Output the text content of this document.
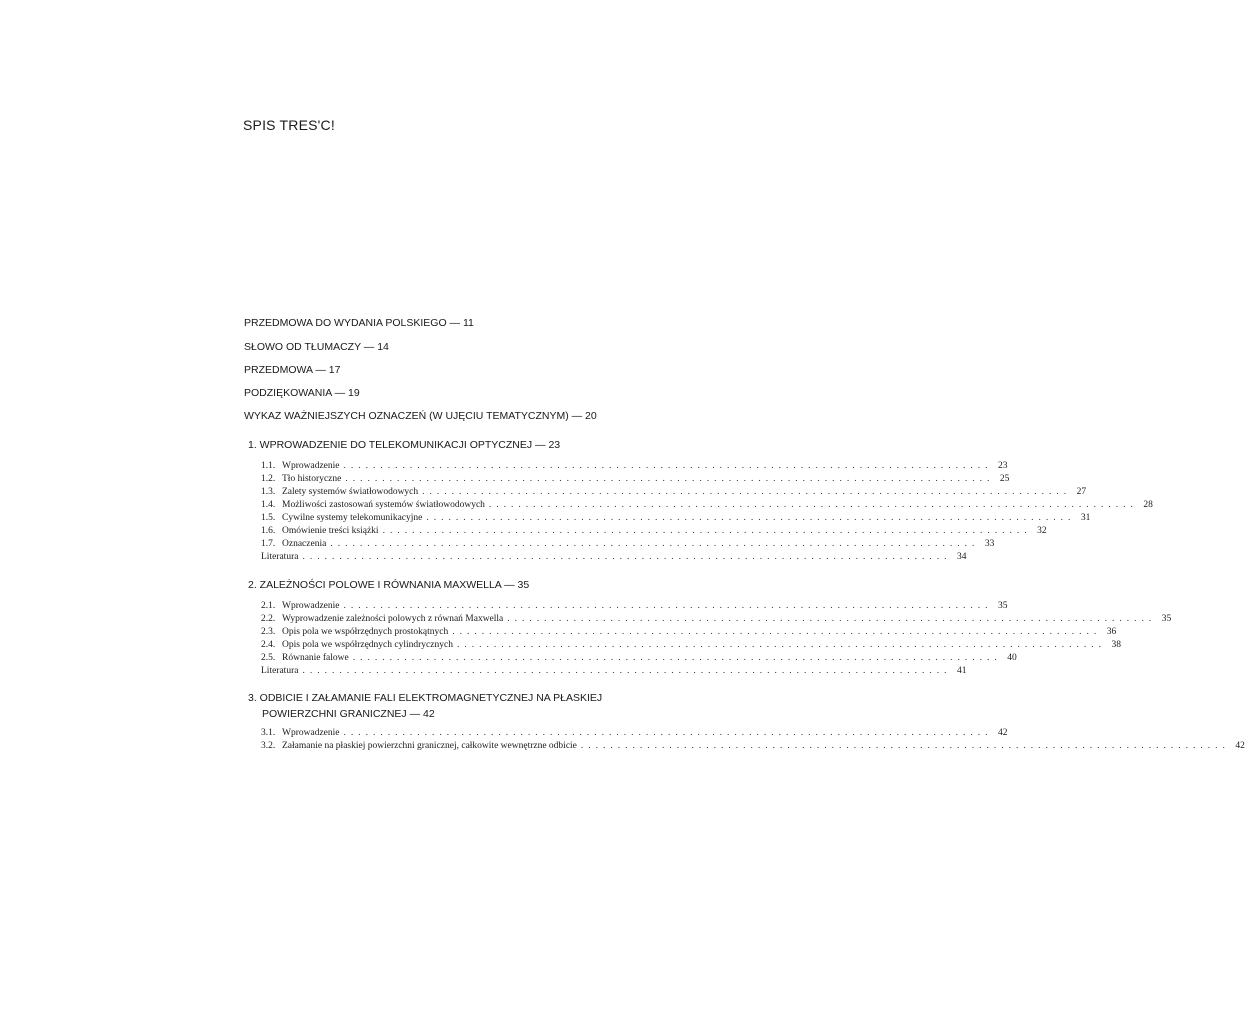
SPIS TRES'C!
PRZEDMOWA DO WYDANIA POLSKIEGO — 11
SŁOWO OD TŁUMACZY — 14
PRZEDMOWA — 17
PODZIĘKOWANIA — 19
WYKAZ WAŻNIEJSZYCH OZNACZEŃ (W UJĘCIU TEMATYCZNYM) — 20
1. WPROWADZENIE DO TELEKOMUNIKACJI OPTYCZNEJ — 23
1.1. Wprowadzenie ........................................................................................ 23
1.2. Tło historyczne ........................................................................................ 25
1.3. Zalety systemów światłowodowych ........................................................................................ 27
1.4. Możliwości zastosowań systemów światłowodowych ........................................................................................ 28
1.5. Cywilne systemy telekomunikacyjne ........................................................................................ 31
1.6. Omówienie treści książki ........................................................................................ 32
1.7. Oznaczenia ........................................................................................ 33
Literatura ........................................................................................ 34
2. ZALEŻNOŚCI POLOWE I RÓWNANIA MAXWELLA — 35
2.1. Wprowadzenie ........................................................................................ 35
2.2. Wyprowadzenie zależności polowych z równań Maxwella ........................................................................................ 35
2.3. Opis pola we współrzędnych prostokątnych ........................................................................................ 36
2.4. Opis pola we współrzędnych cylindrycznych ........................................................................................ 38
2.5. Równanie falowe ........................................................................................ 40
Literatura ........................................................................................ 41
3. ODBICIE I ZAŁAMANIE FALI ELEKTROMAGNETYCZNEJ NA PŁASKIEJ POWIERZCHNI GRANICZNEJ — 42
3.1. Wprowadzenie ........................................................................................ 42
3.2. Załamanie na płaskiej powierzchni granicznej, całkowite wewnętrzne odbicie ........................................................................................ 42
